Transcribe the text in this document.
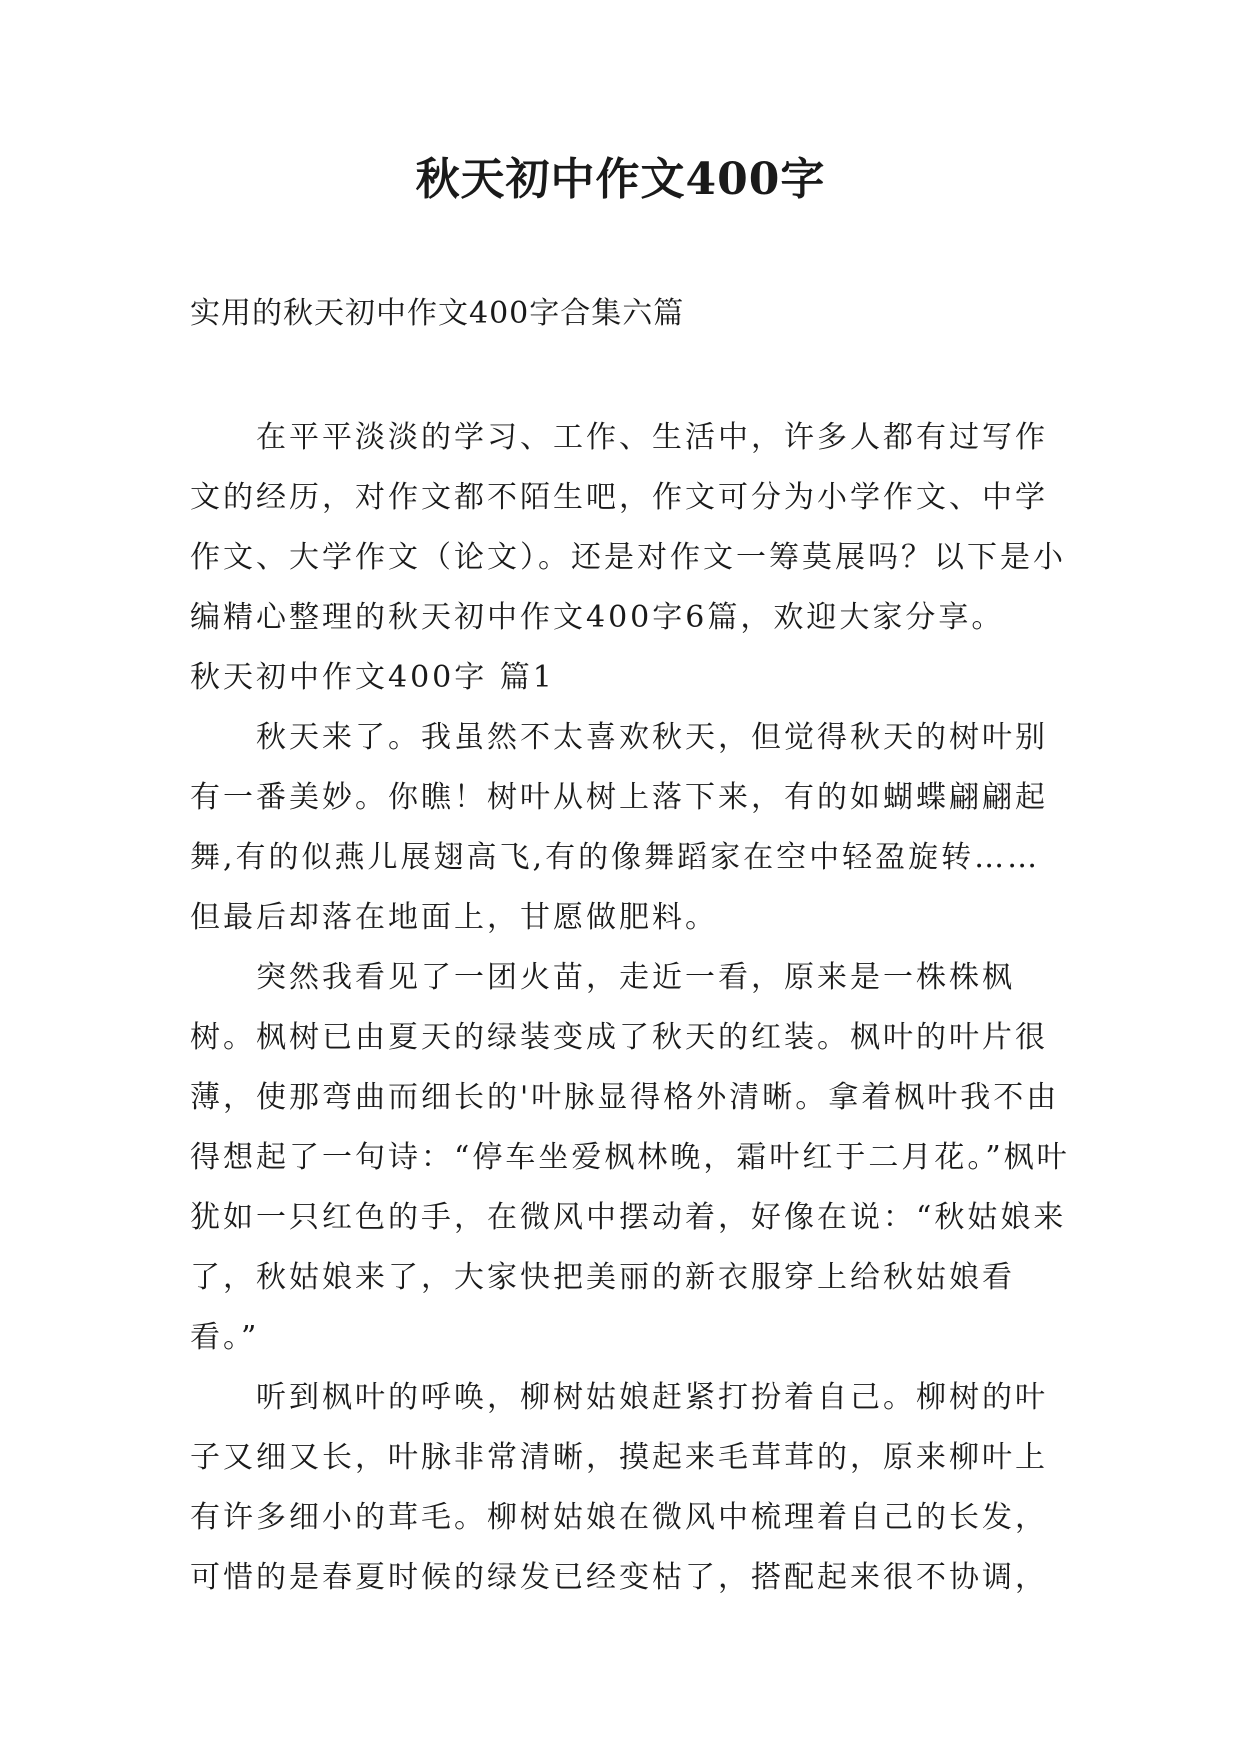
秋天初中作文400字
实用的秋天初中作文400字合集六篇

在平平淡淡的学习、工作、生活中，许多人都有过写作文的经历，对作文都不陌生吧，作文可分为小学作文、中学作文、大学作文（论文）。还是对作文一筹莫展吗？以下是小编精心整理的秋天初中作文400字6篇，欢迎大家分享。

秋天初中作文400字 篇1

秋天来了。我虽然不太喜欢秋天，但觉得秋天的树叶别有一番美妙。你瞧！树叶从树上落下来，有的如蝴蝶翩翩起舞,有的似燕儿展翅高飞,有的像舞蹈家在空中轻盈旋转……但最后却落在地面上，甘愿做肥料。

突然我看见了一团火苗，走近一看，原来是一株株枫树。枫树已由夏天的绿装变成了秋天的红装。枫叶的叶片很薄，使那弯曲而细长的'叶脉显得格外清晰。拿着枫叶我不由得想起了一句诗：“停车坐爱枫林晚，霜叶红于二月花。”枫叶犹如一只红色的手，在微风中摆动着，好像在说：“秋姑娘来了，秋姑娘来了，大家快把美丽的新衣服穿上给秋姑娘看看。”

听到枫叶的呼唤，柳树姑娘赶紧打扮着自己。柳树的叶子又细又长，叶脉非常清晰，摸起来毛茸茸的，原来柳叶上有许多细小的茸毛。柳树姑娘在微风中梳理着自己的长发，可惜的是春夏时候的绿发已经变枯了，搭配起来很不协调，
